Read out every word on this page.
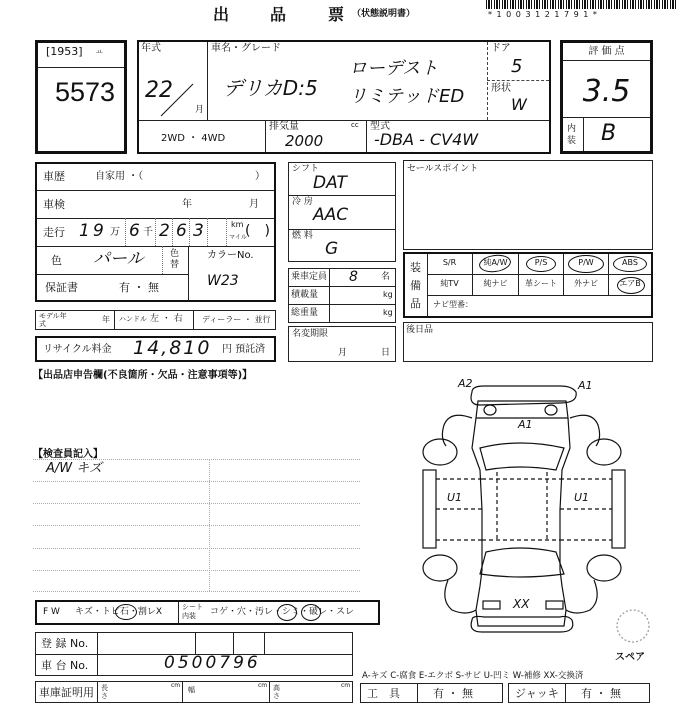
出	品	票 （状態説明書）	* 1 0 0 3 1 2 1 7 9 1 *
[1953] ㅛ
5573
年式
22
月
車名・グレード
デリカD:5
ローデスト
リミテッドED
ドア
5
形状
W
2WD ・ 4WD
排気量
2000
cc 型式
-DBA - CV4W
評 価 点
3.5
内装 B
車歴	自家用 ・（	）
車検	年	月
走行 1 9 万 6 千 2 6 3	km
マイル
(　)
色 パール	色替
カラーNo.
W23
保証書	有 ・ 無
モデル年式	年 ハンドル 左 ・ 右 ディーラー ・ 並行
リサイクル料金 14,810 円 預託済
【出品店申告欄(不良箇所・欠品・注意事項等)】
シフト
DAT
冷 房
AAC
燃 料
G
乗車定員 8	名
積載量	kg
総重量	kg
名変期限
月	日
セールスポイント
装
備
品
S/R	純A/W	P/S	P/W	ABS
純TV	純ナビ	革シート	外ナビ	エアB
ナビ型番：
後日品
【検査員記入】
A/W キズ
A2	A1
A1
U1	U1
XX
スペア
A-キズ C-腐食 E-エクボ S-サビ U-凹ミ W-補修 XX-交換済
F W キズ・トビ石・割レX	シート内装	コゲ・穴・汚レ・シミ・破レ・スレ
登 録 No.
車 台 No.	0500796
車庫証明用 長さ
cm
幅
cm 高さ
cm
工　具	有 ・ 無	ジャッキ 有 ・ 無
